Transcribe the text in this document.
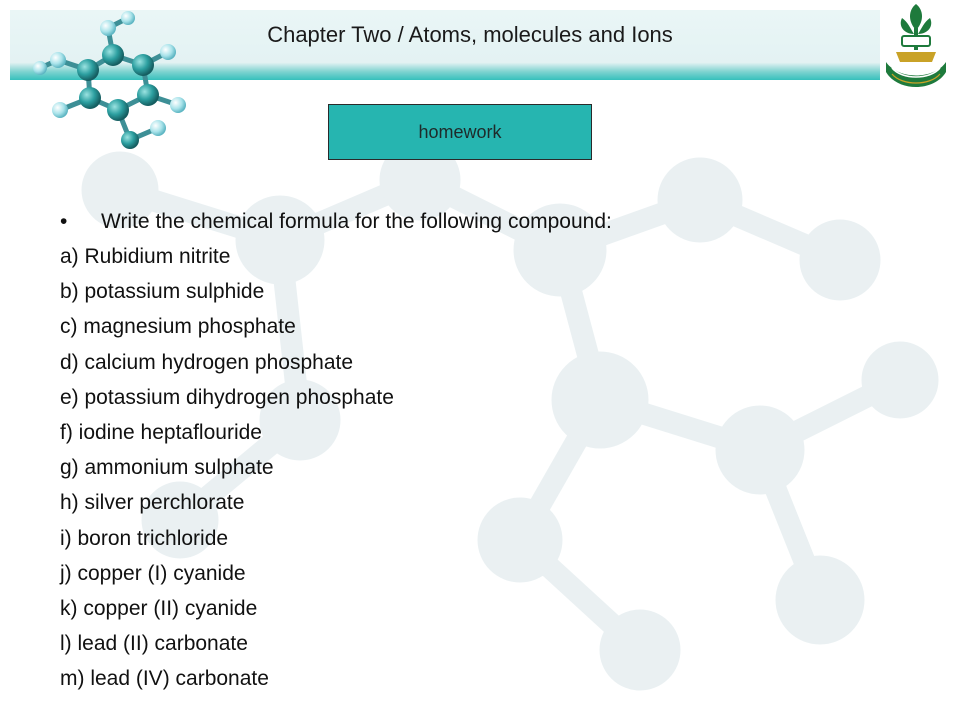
Chapter Two / Atoms, molecules and Ions
homework
• Write the chemical formula for the following compound:
a) Rubidium nitrite
b) potassium sulphide
c) magnesium phosphate
d) calcium hydrogen phosphate
e) potassium dihydrogen phosphate
f) iodine heptaflouride
g) ammonium sulphate
h) silver perchlorate
i) boron trichloride
j) copper (I) cyanide
k) copper (II) cyanide
l) lead (II) carbonate
m) lead (IV) carbonate
